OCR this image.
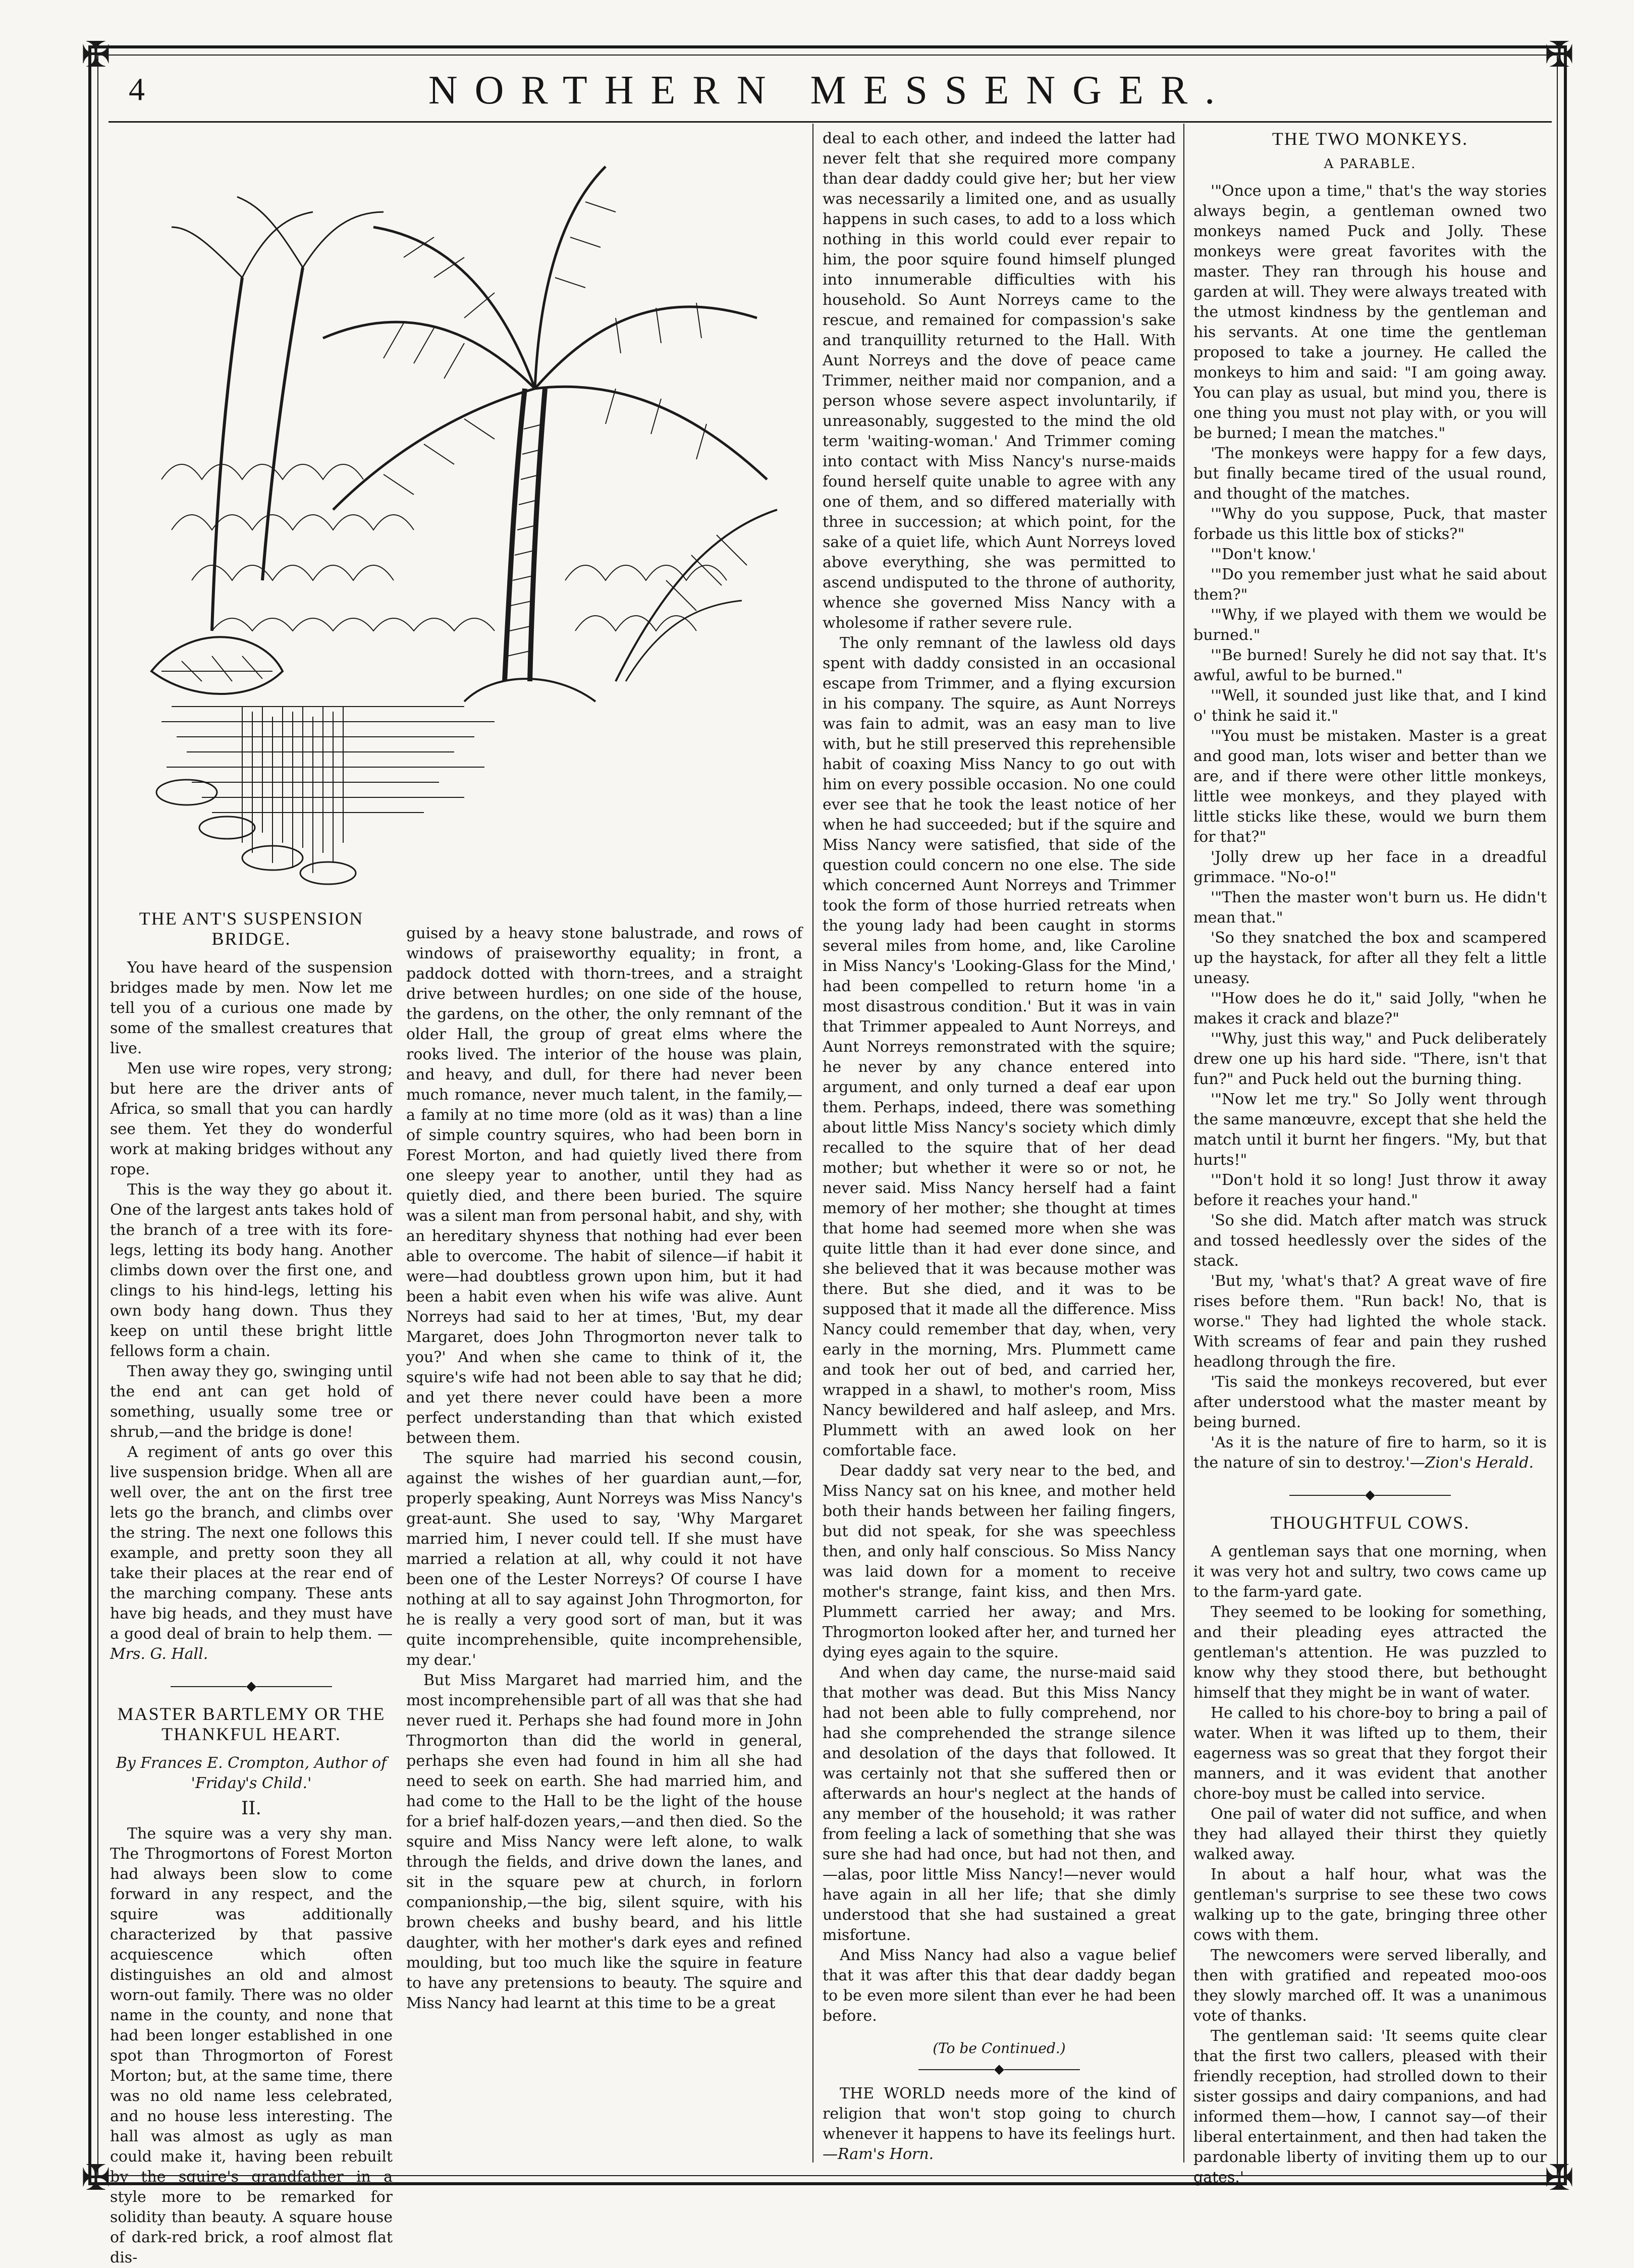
✠	✠
✠	✠
4	NORTHERN MESSENGER.
THE ANT'S SUSPENSION BRIDGE.

You have heard of the suspension bridges made by men. Now let me tell you of a curious one made by some of the smallest creatures that live.

Men use wire ropes, very strong; but here are the driver ants of Africa, so small that you can hardly see them. Yet they do wonderful work at making bridges without any rope.

This is the way they go about it. One of the largest ants takes hold of the branch of a tree with its fore-legs, letting its body hang. Another climbs down over the first one, and clings to his hind-legs, letting his own body hang down. Thus they keep on until these bright little fellows form a chain.

Then away they go, swinging until the end ant can get hold of something, usually some tree or shrub,—and the bridge is done!

A regiment of ants go over this live suspension bridge. When all are well over, the ant on the first tree lets go the branch, and climbs over the string. The next one follows this example, and pretty soon they all take their places at the rear end of the marching company. These ants have big heads, and they must have a good deal of brain to help them. —Mrs. G. Hall.

◆
MASTER BARTLEMY OR THE THANKFUL HEART.
By Frances E. Crompton, Author of 'Friday's Child.'
II.

The squire was a very shy man. The Throgmortons of Forest Morton had always been slow to come forward in any respect, and the squire was additionally characterized by that passive acquiescence which often distinguishes an old and almost worn-out family. There was no older name in the county, and none that had been longer established in one spot than Throgmorton of Forest Morton; but, at the same time, there was no old name less celebrated, and no house less interesting. The hall was almost as ugly as man could make it, having been rebuilt by the squire's grandfather in a style more to be remarked for solidity than beauty. A square house of dark-red brick, a roof almost flat dis-

guised by a heavy stone balustrade, and rows of windows of praiseworthy equality; in front, a paddock dotted with thorn-trees, and a straight drive between hurdles; on one side of the house, the gardens, on the other, the only remnant of the older Hall, the group of great elms where the rooks lived. The interior of the house was plain, and heavy, and dull, for there had never been much romance, never much talent, in the family,—a family at no time more (old as it was) than a line of simple country squires, who had been born in Forest Morton, and had quietly lived there from one sleepy year to another, until they had as quietly died, and there been buried. The squire was a silent man from personal habit, and shy, with an hereditary shyness that nothing had ever been able to overcome. The habit of silence—if habit it were—had doubtless grown upon him, but it had been a habit even when his wife was alive. Aunt Norreys had said to her at times, 'But, my dear Margaret, does John Throgmorton never talk to you?' And when she came to think of it, the squire's wife had not been able to say that he did; and yet there never could have been a more perfect understanding than that which existed between them.

The squire had married his second cousin, against the wishes of her guardian aunt,—for, properly speaking, Aunt Norreys was Miss Nancy's great-aunt. She used to say, 'Why Margaret married him, I never could tell. If she must have married a relation at all, why could it not have been one of the Lester Norreys? Of course I have nothing at all to say against John Throgmorton, for he is really a very good sort of man, but it was quite incomprehensible, quite incomprehensible, my dear.'

But Miss Margaret had married him, and the most incomprehensible part of all was that she had never rued it. Perhaps she had found more in John Throgmorton than did the world in general, perhaps she even had found in him all she had need to seek on earth. She had married him, and had come to the Hall to be the light of the house for a brief half-dozen years,—and then died. So the squire and Miss Nancy were left alone, to walk through the fields, and drive down the lanes, and sit in the square pew at church, in forlorn companionship,—the big, silent squire, with his brown cheeks and bushy beard, and his little daughter, with her mother's dark eyes and refined moulding, but too much like the squire in feature to have any pretensions to beauty. The squire and Miss Nancy had learnt at this time to be a great

deal to each other, and indeed the latter had never felt that she required more company than dear daddy could give her; but her view was necessarily a limited one, and as usually happens in such cases, to add to a loss which nothing in this world could ever repair to him, the poor squire found himself plunged into innumerable difficulties with his household. So Aunt Norreys came to the rescue, and remained for compassion's sake and tranquillity returned to the Hall. With Aunt Norreys and the dove of peace came Trimmer, neither maid nor companion, and a person whose severe aspect involuntarily, if unreasonably, suggested to the mind the old term 'waiting-woman.' And Trimmer coming into contact with Miss Nancy's nurse-maids found herself quite unable to agree with any one of them, and so differed materially with three in succession; at which point, for the sake of a quiet life, which Aunt Norreys loved above everything, she was permitted to ascend undisputed to the throne of authority, whence she governed Miss Nancy with a wholesome if rather severe rule.

The only remnant of the lawless old days spent with daddy consisted in an occasional escape from Trimmer, and a flying excursion in his company. The squire, as Aunt Norreys was fain to admit, was an easy man to live with, but he still preserved this reprehensible habit of coaxing Miss Nancy to go out with him on every possible occasion. No one could ever see that he took the least notice of her when he had succeeded; but if the squire and Miss Nancy were satisfied, that side of the question could concern no one else. The side which concerned Aunt Norreys and Trimmer took the form of those hurried retreats when the young lady had been caught in storms several miles from home, and, like Caroline in Miss Nancy's 'Looking-Glass for the Mind,' had been compelled to return home 'in a most disastrous condition.' But it was in vain that Trimmer appealed to Aunt Norreys, and Aunt Norreys remonstrated with the squire; he never by any chance entered into argument, and only turned a deaf ear upon them. Perhaps, indeed, there was something about little Miss Nancy's society which dimly recalled to the squire that of her dead mother; but whether it were so or not, he never said. Miss Nancy herself had a faint memory of her mother; she thought at times that home had seemed more when she was quite little than it had ever done since, and she believed that it was because mother was there. But she died, and it was to be supposed that it made all the difference. Miss Nancy could remember that day, when, very early in the morning, Mrs. Plummett came and took her out of bed, and carried her, wrapped in a shawl, to mother's room, Miss Nancy bewildered and half asleep, and Mrs. Plummett with an awed look on her comfortable face.

Dear daddy sat very near to the bed, and Miss Nancy sat on his knee, and mother held both their hands between her failing fingers, but did not speak, for she was speechless then, and only half conscious. So Miss Nancy was laid down for a moment to receive mother's strange, faint kiss, and then Mrs. Plummett carried her away; and Mrs. Throgmorton looked after her, and turned her dying eyes again to the squire.

And when day came, the nurse-maid said that mother was dead. But this Miss Nancy had not been able to fully comprehend, nor had she comprehended the strange silence and desolation of the days that followed. It was certainly not that she suffered then or afterwards an hour's neglect at the hands of any member of the household; it was rather from feeling a lack of something that she was sure she had had once, but had not then, and—alas, poor little Miss Nancy!—never would have again in all her life; that she dimly understood that she had sustained a great misfortune.

And Miss Nancy had also a vague belief that it was after this that dear daddy began to be even more silent than ever he had been before.

(To be Continued.)
◆

THE WORLD needs more of the kind of religion that won't stop going to church whenever it happens to have its feelings hurt.—Ram's Horn.

THE TWO MONKEYS.
A PARABLE.

'"Once upon a time," that's the way stories always begin, a gentleman owned two monkeys named Puck and Jolly. These monkeys were great favorites with the master. They ran through his house and garden at will. They were always treated with the utmost kindness by the gentleman and his servants. At one time the gentleman proposed to take a journey. He called the monkeys to him and said: "I am going away. You can play as usual, but mind you, there is one thing you must not play with, or you will be burned; I mean the matches."

'The monkeys were happy for a few days, but finally became tired of the usual round, and thought of the matches.

'"Why do you suppose, Puck, that master forbade us this little box of sticks?"

'"Don't know.'

'"Do you remember just what he said about them?"

'"Why, if we played with them we would be burned."

'"Be burned! Surely he did not say that. It's awful, awful to be burned."

'"Well, it sounded just like that, and I kind o' think he said it."

'"You must be mistaken. Master is a great and good man, lots wiser and better than we are, and if there were other little monkeys, little wee monkeys, and they played with little sticks like these, would we burn them for that?"

'Jolly drew up her face in a dreadful grimmace. "No-o!"

'"Then the master won't burn us. He didn't mean that."

'So they snatched the box and scampered up the haystack, for after all they felt a little uneasy.

'"How does he do it," said Jolly, "when he makes it crack and blaze?"

'"Why, just this way," and Puck deliberately drew one up his hard side. "There, isn't that fun?" and Puck held out the burning thing.

'"Now let me try." So Jolly went through the same manœuvre, except that she held the match until it burnt her fingers. "My, but that hurts!"

'"Don't hold it so long! Just throw it away before it reaches your hand."

'So she did. Match after match was struck and tossed heedlessly over the sides of the stack.

'But my, 'what's that? A great wave of fire rises before them. "Run back! No, that is worse." They had lighted the whole stack. With screams of fear and pain they rushed headlong through the fire.

'Tis said the monkeys recovered, but ever after understood what the master meant by being burned.

'As it is the nature of fire to harm, so it is the nature of sin to destroy.'—Zion's Herald.

◆
THOUGHTFUL COWS.

A gentleman says that one morning, when it was very hot and sultry, two cows came up to the farm-yard gate.

They seemed to be looking for something, and their pleading eyes attracted the gentleman's attention. He was puzzled to know why they stood there, but bethought himself that they might be in want of water.

He called to his chore-boy to bring a pail of water. When it was lifted up to them, their eagerness was so great that they forgot their manners, and it was evident that another chore-boy must be called into service.

One pail of water did not suffice, and when they had allayed their thirst they quietly walked away.

In about a half hour, what was the gentleman's surprise to see these two cows walking up to the gate, bringing three other cows with them.

The newcomers were served liberally, and then with gratified and repeated moo-oos they slowly marched off. It was a unanimous vote of thanks.

The gentleman said: 'It seems quite clear that the first two callers, pleased with their friendly reception, had strolled down to their sister gossips and dairy companions, and had informed them—how, I cannot say—of their liberal entertainment, and then had taken the pardonable liberty of inviting them up to our gates.'
